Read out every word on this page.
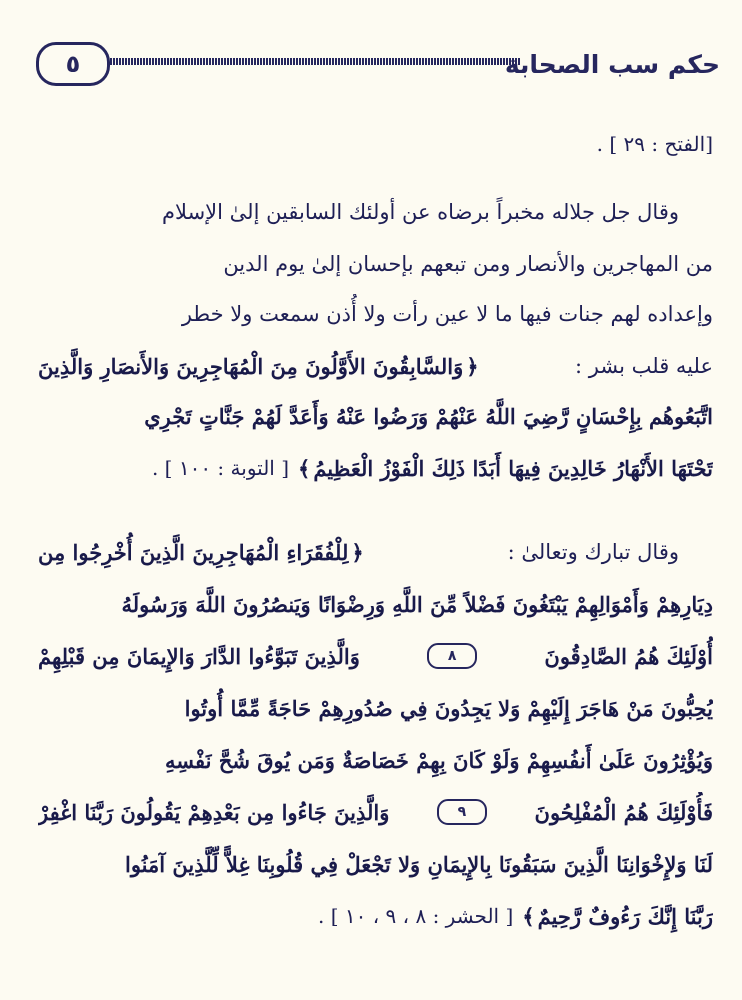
٥	حكم سب الصحابة
[الفتح : ٢٩ ] .
وقال جل جلاله مخبراً برضاه عن أولئك السابقين إلىٰ الإسلام
من المهاجرين والأنصار ومن تبعهم بإحسان إلىٰ يوم الدين
وإعداده لهم جنات فيها ما لا عين رأت ولا أُذن سمعت ولا خطر
عليه قلب بشر :
﴿وَالسَّابِقُونَ الأَوَّلُونَ مِنَ الْمُهَاجِرِينَ وَالأَنصَارِ وَالَّذِينَ
اتَّبَعُوهُم بِإِحْسَانٍ رَّضِيَ اللَّهُ عَنْهُمْ وَرَضُوا عَنْهُ وَأَعَدَّ لَهُمْ جَنَّاتٍ تَجْرِي
تَحْتَهَا الأَنْهَارُ خَالِدِينَ فِيهَا أَبَدًا ذَلِكَ الْفَوْزُ الْعَظِيمُ﴾
[ التوبة : ١٠٠ ] .
وقال تبارك وتعالىٰ :
﴿لِلْفُقَرَاءِ الْمُهَاجِرِينَ الَّذِينَ أُخْرِجُوا مِن
دِيَارِهِمْ وَأَمْوَالِهِمْ يَبْتَغُونَ فَضْلاً مِّنَ اللَّهِ وَرِضْوَانًا وَيَنصُرُونَ اللَّهَ وَرَسُولَهُ
أُوْلَئِكَ هُمُ الصَّادِقُونَ
٨
وَالَّذِينَ تَبَوَّءُوا الدَّارَ وَالإِيمَانَ مِن قَبْلِهِمْ
يُحِبُّونَ مَنْ هَاجَرَ إِلَيْهِمْ وَلا يَجِدُونَ فِي صُدُورِهِمْ حَاجَةً مِّمَّا أُوتُوا
وَيُؤْثِرُونَ عَلَىٰ أَنفُسِهِمْ وَلَوْ كَانَ بِهِمْ خَصَاصَةٌ وَمَن يُوقَ شُحَّ نَفْسِهِ
فَأُوْلَئِكَ هُمُ الْمُفْلِحُونَ
٩
وَالَّذِينَ جَاءُوا مِن بَعْدِهِمْ يَقُولُونَ رَبَّنَا اغْفِرْ
لَنَا وَلإِخْوَانِنَا الَّذِينَ سَبَقُونَا بِالإِيمَانِ وَلا تَجْعَلْ فِي قُلُوبِنَا غِلاًّ لِّلَّذِينَ آمَنُوا
رَبَّنَا إِنَّكَ رَءُوفٌ رَّحِيمٌ﴾
[ الحشر : ٨ ، ٩ ، ١٠ ] .
